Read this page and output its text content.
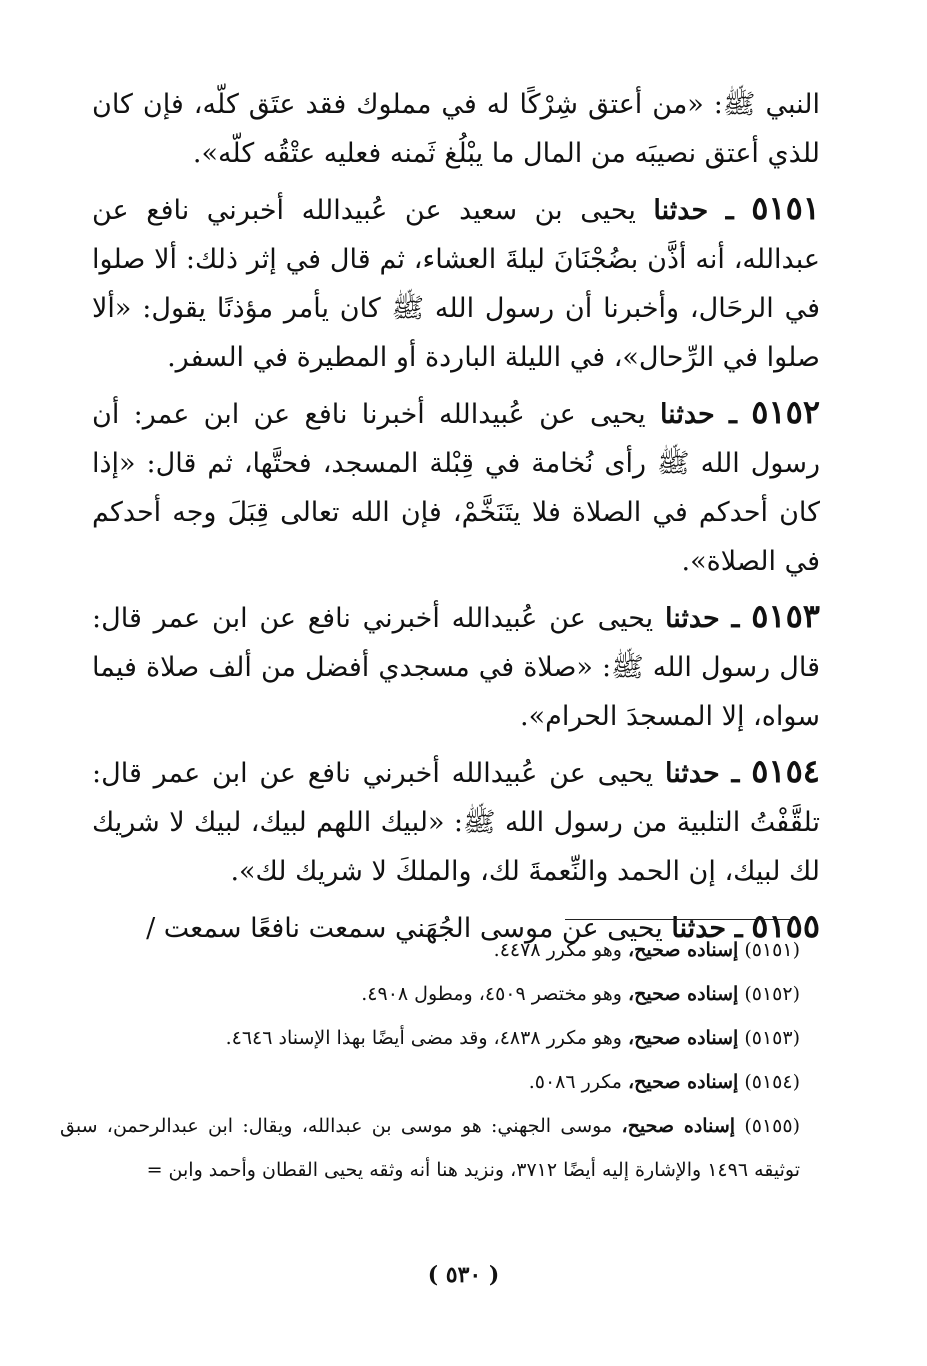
النبي ﷺ: «من أعتق شِرْكًا له في مملوك فقد عتَق كلّه، فإن كان للذي أعتق نصيبَه من المال ما يبْلُغ ثَمنه فعليه عتْقُه كلّه».

٥١٥١ ـ حدثنا يحيى بن سعيد عن عُبيدالله أخبرني نافع عن عبدالله، أنه أذَّن بضُجْنَانَ ليلةَ العشاء، ثم قال في إثر ذلك: ألا صلوا في الرحَال، وأخبرنا أن رسول الله ﷺ كان يأمر مؤذنًا يقول: «ألا صلوا في الرِّحال»، في الليلة الباردة أو المطيرة في السفر.

٥١٥٢ ـ حدثنا يحيى عن عُبيدالله أخبرنا نافع عن ابن عمر: أن رسول الله ﷺ رأى نُخامة في قِبْلة المسجد، فحتَّها، ثم قال: «إذا كان أحدكم في الصلاة فلا يتَنَخَّمْ، فإن الله تعالى قِبَلَ وجه أحدكم في الصلاة».

٥١٥٣ ـ حدثنا يحيى عن عُبيدالله أخبرني نافع عن ابن عمر قال: قال رسول الله ﷺ: «صلاة في مسجدي أفضل من ألف صلاة فيما سواه، إلا المسجدَ الحرام».

٥١٥٤ ـ حدثنا يحيى عن عُبيدالله أخبرني نافع عن ابن عمر قال: تلقَّفْتُ التلبية من رسول الله ﷺ: «لبيك اللهم لبيك، لبيك لا شريك لك لبيك، إن الحمد والنِّعمةَ لك، والملكَ لا شريك لك».

٥١٥٥ ـ حدثنا يحيى عن موسى الجُهَني سمعت نافعًا سمعت /

(٥١٥١) إسناده صحيح، وهو مكرر ٤٤٧٨.

(٥١٥٢) إسناده صحيح، وهو مختصر ٤٥٠٩، ومطول ٤٩٠٨.

(٥١٥٣) إسناده صحيح، وهو مكرر ٤٨٣٨، وقد مضى أيضًا بهذا الإسناد ٤٦٤٦.

(٥١٥٤) إسناده صحيح، مكرر ٥٠٨٦.

(٥١٥٥) إسناده صحيح، موسى الجهني: هو موسى بن عبدالله، ويقال: ابن عبدالرحمن، سبق توثيقه ١٤٩٦ والإشارة إليه أيضًا ٣٧١٢، ونزيد هنا أنه وثقه يحيى القطان وأحمد وابن =

( ٥٣٠ )
